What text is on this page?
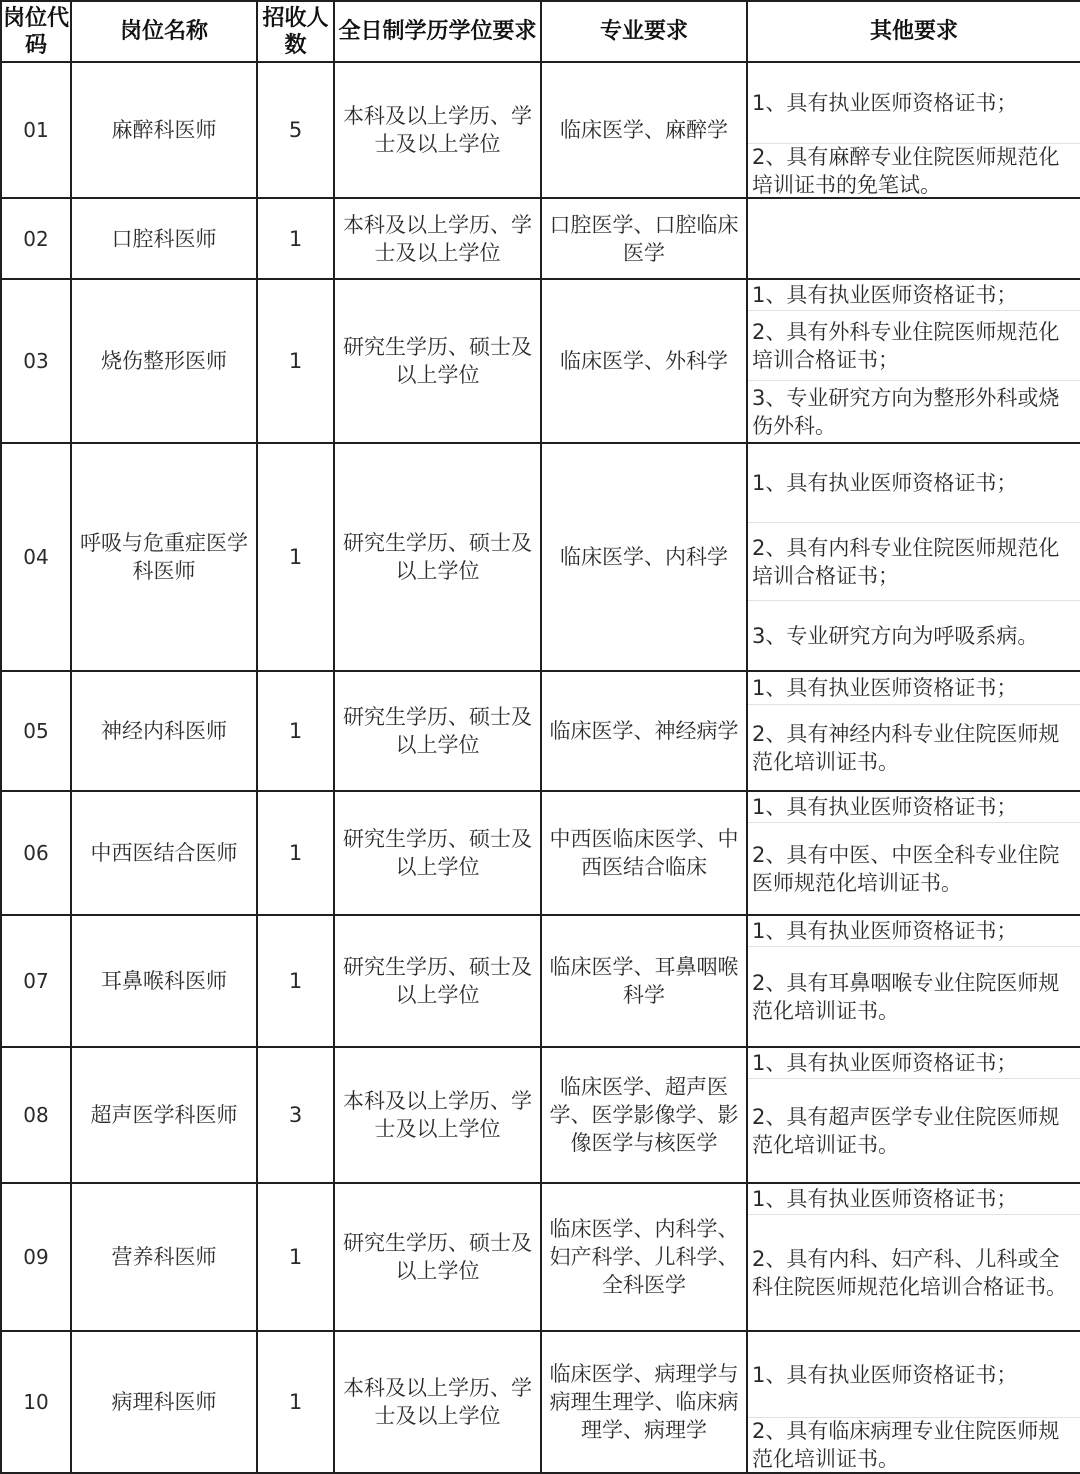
岗位代码	岗位名称	招收人数	全日制学历学位要求	专业要求	其他要求
01	麻醉科医师	5	本科及以上学历、学士及以上学位	临床医学、麻醉学	1、具有执业医师资格证书；
2、具有麻醉专业住院医师规范化培训证书的免笔试。

02	口腔科医师	1	本科及以上学历、学士及以上学位	口腔医学、口腔临床医学	
03	烧伤整形医师	1	研究生学历、硕士及以上学位	临床医学、外科学	1、具有执业医师资格证书；
2、具有外科专业住院医师规范化培训合格证书；
3、专业研究方向为整形外科或烧伤外科。

04	呼吸与危重症医学科医师	1	研究生学历、硕士及以上学位	临床医学、内科学	1、具有执业医师资格证书；
2、具有内科专业住院医师规范化培训合格证书；
3、专业研究方向为呼吸系病。

05	神经内科医师	1	研究生学历、硕士及以上学位	临床医学、神经病学	1、具有执业医师资格证书；
2、具有神经内科专业住院医师规范化培训证书。

06	中西医结合医师	1	研究生学历、硕士及以上学位	中西医临床医学、中西医结合临床	1、具有执业医师资格证书；
2、具有中医、中医全科专业住院医师规范化培训证书。

07	耳鼻喉科医师	1	研究生学历、硕士及以上学位	临床医学、耳鼻咽喉科学	1、具有执业医师资格证书；
2、具有耳鼻咽喉专业住院医师规范化培训证书。

08	超声医学科医师	3	本科及以上学历、学士及以上学位	临床医学、超声医学、医学影像学、影像医学与核医学	1、具有执业医师资格证书；
2、具有超声医学专业住院医师规范化培训证书。

09	营养科医师	1	研究生学历、硕士及以上学位	临床医学、内科学、妇产科学、儿科学、全科医学	1、具有执业医师资格证书；
2、具有内科、妇产科、儿科或全科住院医师规范化培训合格证书。

10	病理科医师	1	本科及以上学历、学士及以上学位	临床医学、病理学与病理生理学、临床病理学、病理学	1、具有执业医师资格证书；
2、具有临床病理专业住院医师规范化培训证书。
